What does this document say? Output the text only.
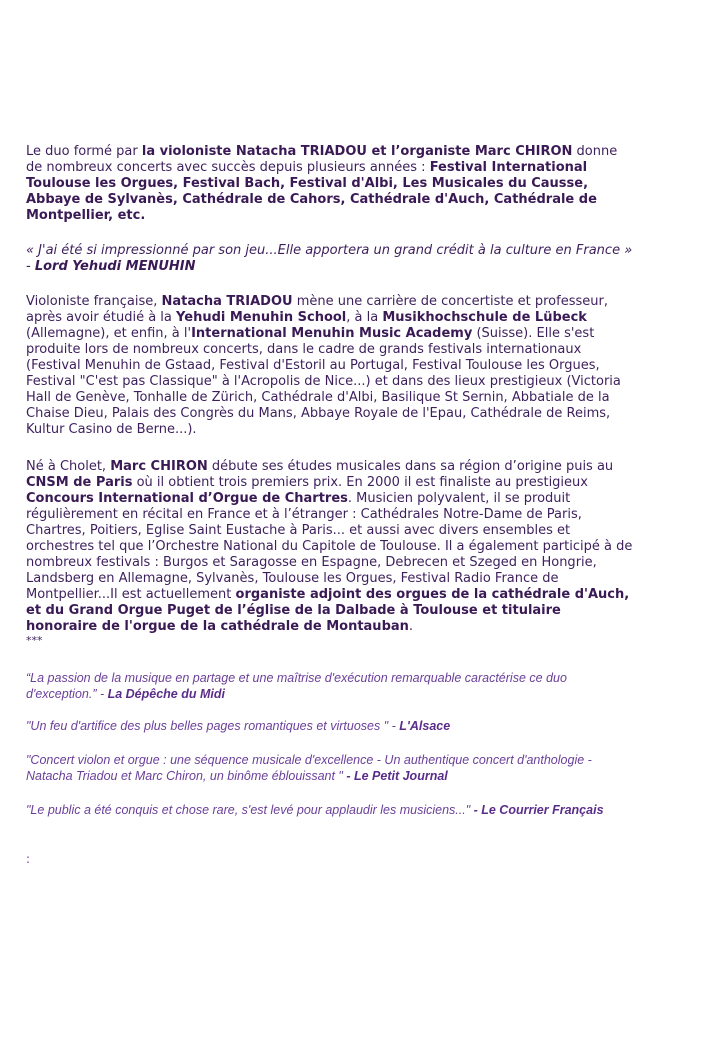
Le duo formé par la violoniste Natacha TRIADOU et l’organiste Marc CHIRON donne de nombreux concerts avec succès depuis plusieurs années : Festival International Toulouse les Orgues, Festival Bach, Festival d'Albi, Les Musicales du Causse, Abbaye de Sylvanès, Cathédrale de Cahors, Cathédrale d'Auch, Cathédrale de Montpellier, etc.

« J'ai été si impressionné par son jeu...Elle apportera un grand crédit à la culture en France » - Lord Yehudi MENUHIN

Violoniste française, Natacha TRIADOU mène une carrière de concertiste et professeur, après avoir étudié à la Yehudi Menuhin School, à la Musikhochschule de Lübeck (Allemagne), et enfin, à l'International Menuhin Music Academy (Suisse). Elle s'est produite lors de nombreux concerts, dans le cadre de grands festivals internationaux (Festival Menuhin de Gstaad, Festival d'Estoril au Portugal, Festival Toulouse les Orgues, Festival "C'est pas Classique" à l'Acropolis de Nice...) et dans des lieux prestigieux (Victoria Hall de Genève, Tonhalle de Zürich, Cathédrale d'Albi, Basilique St Sernin, Abbatiale de la Chaise Dieu, Palais des Congrès du Mans, Abbaye Royale de l'Epau, Cathédrale de Reims, Kultur Casino de Berne...).

Né à Cholet, Marc CHIRON débute ses études musicales dans sa région d’origine puis au CNSM de Paris où il obtient trois premiers prix. En 2000 il est finaliste au prestigieux Concours International d’Orgue de Chartres. Musicien polyvalent, il se produit régulièrement en récital en France et à l’étranger : Cathédrales Notre-Dame de Paris, Chartres, Poitiers, Eglise Saint Eustache à Paris... et aussi avec divers ensembles et orchestres tel que l’Orchestre National du Capitole de Toulouse. Il a également participé à de nombreux festivals : Burgos et Saragosse en Espagne, Debrecen et Szeged en Hongrie, Landsberg en Allemagne, Sylvanès, Toulouse les Orgues, Festival Radio France de Montpellier...Il est actuellement organiste adjoint des orgues de la cathédrale d'Auch, et du Grand Orgue Puget de l’église de la Dalbade à Toulouse et titulaire honoraire de l'orgue de la cathédrale de Montauban.

***

“La passion de la musique en partage et une maîtrise d'exécution remarquable caractérise ce duo d'exception.” - La Dépêche du Midi

"Un feu d'artifice des plus belles pages romantiques et virtuoses " - L'Alsace

"Concert violon et orgue : une séquence musicale d'excellence - Un authentique concert d'anthologie - Natacha Triadou et Marc Chiron, un binôme éblouissant " - Le Petit Journal

"Le public a été conquis et chose rare, s'est levé pour applaudir les musiciens..." - Le Courrier Français

:
